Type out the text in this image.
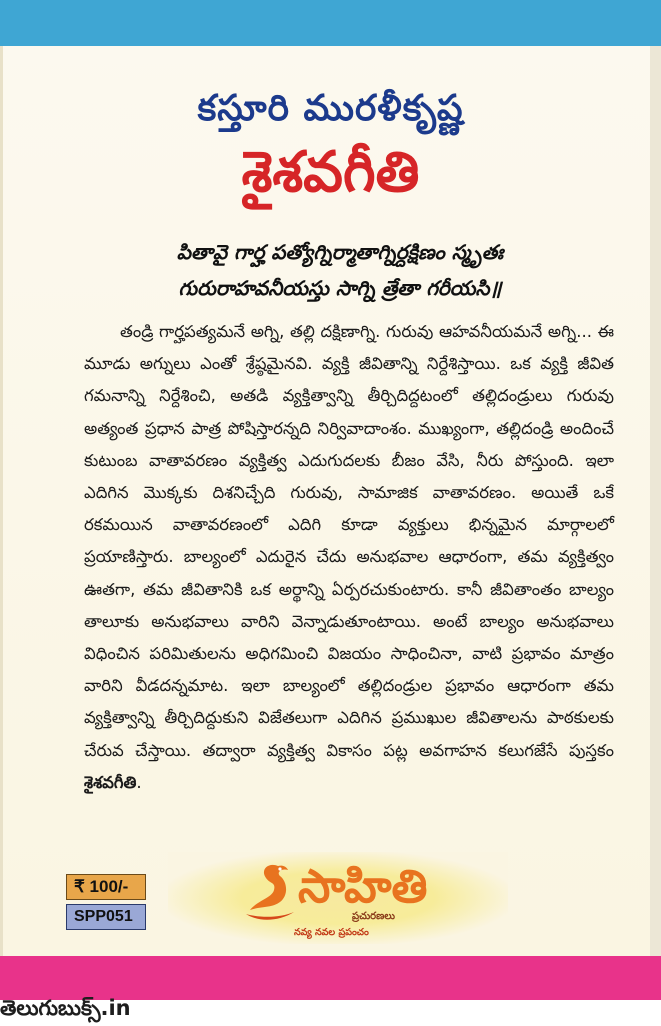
కస్తూరి మురళీకృష్ణ
శైశవగీతి
పితావై గార్హ పత్యోగ్నిర్మాతాగ్నిర్దక్షిణం స్మృతః
గురురాహవనీయస్తు సాగ్ని త్రేతా గరీయసి॥
తండ్రి గార్హపత్యమనే అగ్ని, తల్లి దక్షిణాగ్ని. గురువు ఆహవనీయమనే అగ్ని... ఈ మూడు అగ్నులు ఎంతో శ్రేష్ఠమైనవి. వ్యక్తి జీవితాన్ని నిర్దేశిస్తాయి. ఒక వ్యక్తి జీవిత గమనాన్ని నిర్దేశించి, అతడి వ్యక్తిత్వాన్ని తీర్చిదిద్దటంలో తల్లిదండ్రులు గురువు అత్యంత ప్రధాన పాత్ర పోషిస్తారన్నది నిర్వివాదాంశం. ముఖ్యంగా, తల్లిదండ్రి అందించే కుటుంబ వాతావరణం వ్యక్తిత్వ ఎదుగుదలకు బీజం వేసి, నీరు పోస్తుంది. ఇలా ఎదిగిన మొక్కకు దిశనిచ్చేది గురువు, సామాజిక వాతావరణం. అయితే ఒకే రకమయిన వాతావరణంలో ఎదిగి కూడా వ్యక్తులు భిన్నమైన మార్గాలలో ప్రయాణిస్తారు. బాల్యంలో ఎదురైన చేదు అనుభవాల ఆధారంగా, తమ వ్యక్తిత్వం ఊతగా, తమ జీవితానికి ఒక అర్థాన్ని ఏర్పరచుకుంటారు. కానీ జీవితాంతం బాల్యం తాలూకు అనుభవాలు వారిని వెన్నాడుతూంటాయి. అంటే బాల్యం అనుభవాలు విధించిన పరిమితులను అధిగమించి విజయం సాధించినా, వాటి ప్రభావం మాత్రం వారిని వీడదన్నమాట. ఇలా బాల్యంలో తల్లిదండ్రుల ప్రభావం ఆధారంగా తమ వ్యక్తిత్వాన్ని తీర్చిదిద్దుకుని విజేతలుగా ఎదిగిన ప్రముఖుల జీవితాలను పాఠకులకు చేరువ చేస్తాయి. తద్వారా వ్యక్తిత్వ వికాసం పట్ల అవగాహన కలుగజేసే పుస్తకం శైశవగీతి.
₹ 100/-
SPP051
సాహితి
ప్రచురణలు
నవ్య నవల ప్రపంచం
తెలుగుబుక్స్.in
